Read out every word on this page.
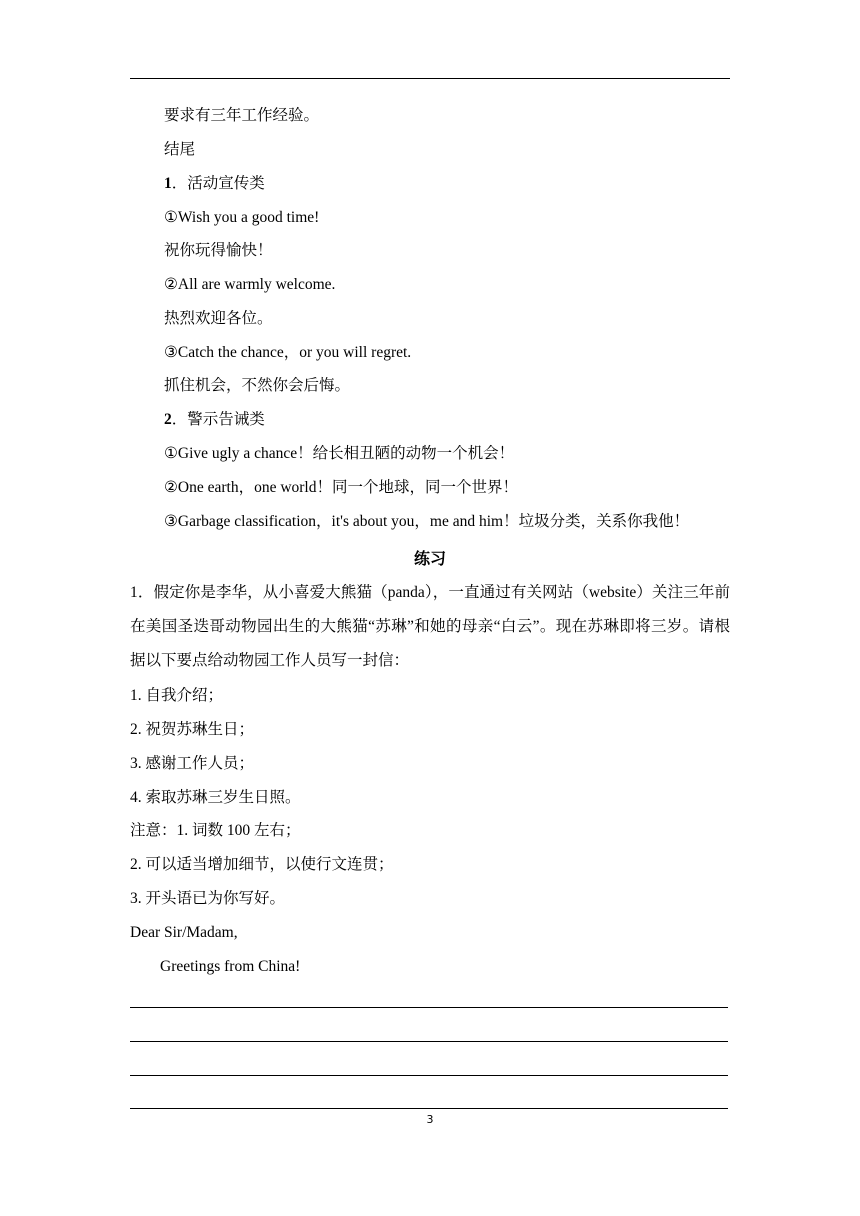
要求有三年工作经验。
结尾
1．活动宣传类
①Wish you a good time!
祝你玩得愉快！
②All are warmly welcome.
热烈欢迎各位。
③Catch the chance，or you will regret.
抓住机会，不然你会后悔。
2．警示告诫类
①Give ugly a chance！给长相丑陋的动物一个机会！
②One earth，one world！同一个地球，同一个世界！
③Garbage classification，it's about you，me and him！垃圾分类，关系你我他！
练习
1．假定你是李华，从小喜爱大熊猫（panda），一直通过有关网站（website）关注三年前在美国圣迭哥动物园出生的大熊猫“苏琳”和她的母亲“白云”。现在苏琳即将三岁。请根据以下要点给动物园工作人员写一封信：
1. 自我介绍；
2. 祝贺苏琳生日；
3. 感谢工作人员；
4. 索取苏琳三岁生日照。
注意：1. 词数 100 左右；
2. 可以适当增加细节，以使行文连贯；
3. 开头语已为你写好。
Dear Sir/Madam,
Greetings from China!
3
